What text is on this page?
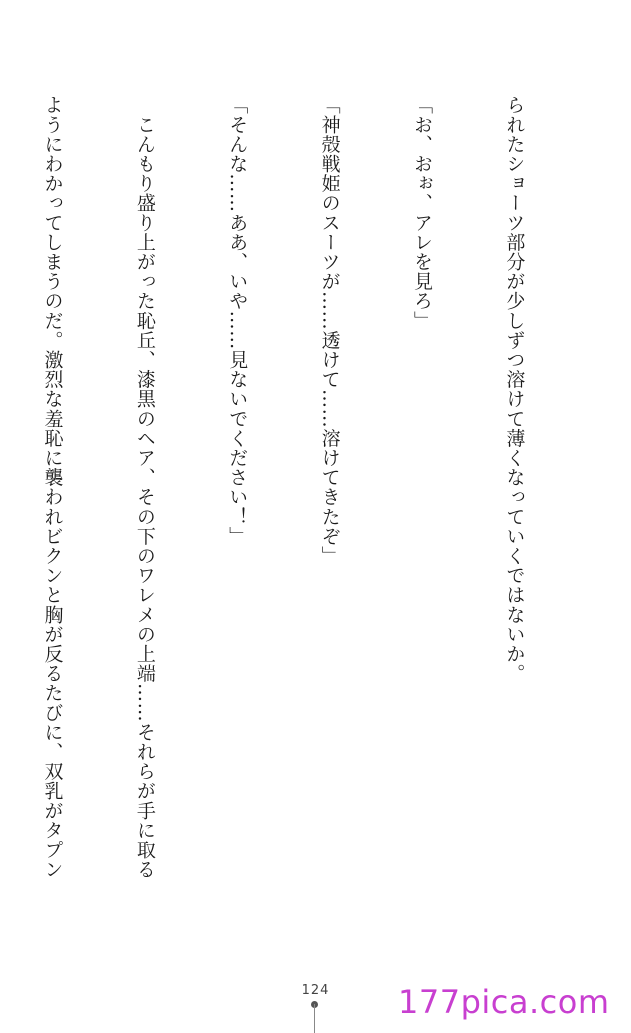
られたショーツ部分が少しずつ溶けて薄くなっていくではないか。

「お、おぉ、アレを見ろ」

「神殻戦姫のスーツが……透けて……溶けてきたぞ」

「そんな……ああ、いや……見ないでください！」

　こんもり盛り上がった恥丘、漆黒のヘア、その下のワレメの上端……それらが手に取る

ようにわかってしまうのだ。激烈な羞恥に襲われビクンと胸が反るたびに、双乳がタプン

124	177pica.com
